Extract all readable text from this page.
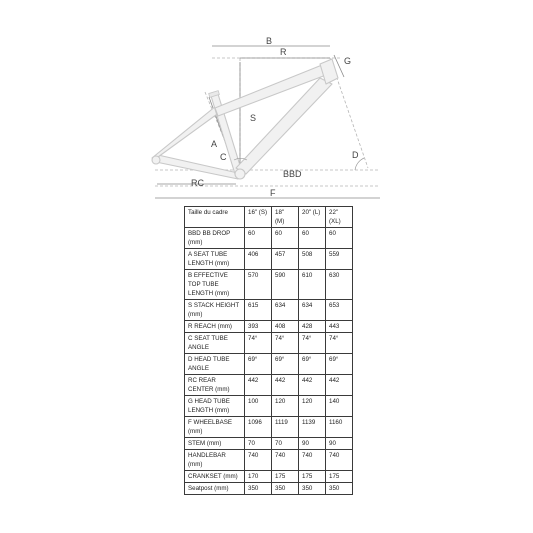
B
R
G
S
A
C	D
BBD
RC
F
Taille du cadre	16" (S)	18" (M)	20" (L)	22" (XL)
BBD BB DROP (mm)	60	60	60	60
A SEAT TUBE LENGTH (mm)	406	457	508	559
B EFFECTIVE TOP TUBE LENGTH (mm)	570	590	610	630
S STACK HEIGHT (mm)	615	634	634	653
R REACH (mm)	393	408	428	443
C SEAT TUBE ANGLE	74°	74°	74°	74°
D HEAD TUBE ANGLE	69°	69°	69°	69°
RC REAR CENTER (mm)	442	442	442	442
G HEAD TUBE LENGTH (mm)	100	120	120	140
F WHEELBASE (mm)	1096	1119	1139	1160
STEM (mm)	70	70	90	90
HANDLEBAR (mm)	740	740	740	740
CRANKSET (mm)	170	175	175	175
Seatpost (mm)	350	350	350	350
